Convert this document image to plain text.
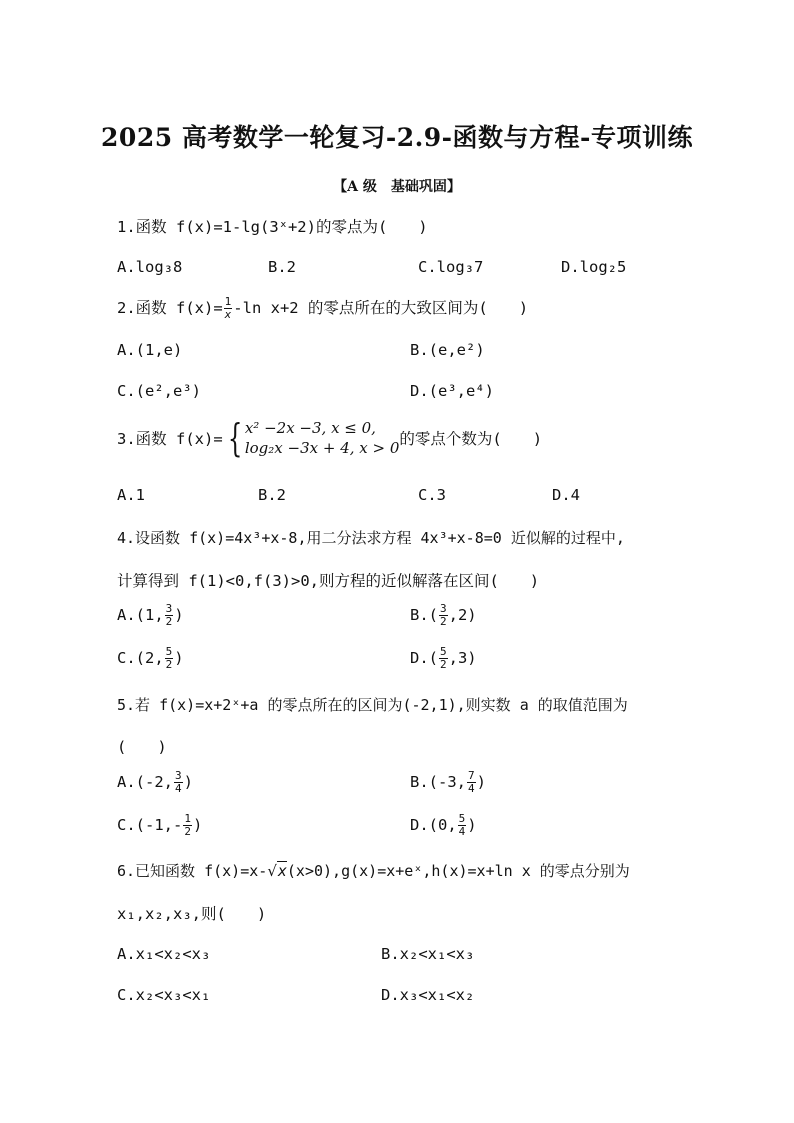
2025 高考数学一轮复习-2.9-函数与方程-专项训练
【A 级　基础巩固】
1.函数 f(x)=1-lg(3ˣ+2)的零点为(　　)
A.log₃8	B.2	C.log₃7	D.log₂5
2.函数 $f(x)= \frac{1}{x} -\ln$ x+2 的零点所在的大致区间为(　　)
A.(1,e)	B.(e,e²)
C.(e²,e³)	D.(e³,e⁴)
3.函数 f(x)= { x² −2x −3, x ≤ 0,
log₂x −3x + 4, x > 0 的零点个数为(　　)
A.1	B.2	C.3	D.4
4.设函数 f(x)=4x³+x-8,用二分法求方程 4x³+x-8=0 近似解的过程中,
计算得到 f(1)<0,f(3)>0,则方程的近似解落在区间(　　)
A.(1, $\frac{3}{2}$ )	$B.( \frac{3}{2} ,2)$
C.(2, $\frac{5}{2}$ )	$D.( \frac{5}{2} ,3)$
5.若 f(x)=x+2ˣ+a 的零点所在的区间为(-2,1),则实数 a 的取值范围为
(　　)
A.(-2, $\frac{3}{4}$ )	B.(-3, $\frac{7}{4}$ )
$C.(-1,- \frac{1}{2}$ )	D.(0, $\frac{5}{4}$ )
6.已知函数 f(x)=x-√x(x>0),g(x)=x+eˣ,h(x)=x+ln x 的零点分别为
x₁,x₂,x₃,则(　　)
A.x₁<x₂<x₃	B.x₂<x₁<x₃
C.x₂<x₃<x₁	D.x₃<x₁<x₂
